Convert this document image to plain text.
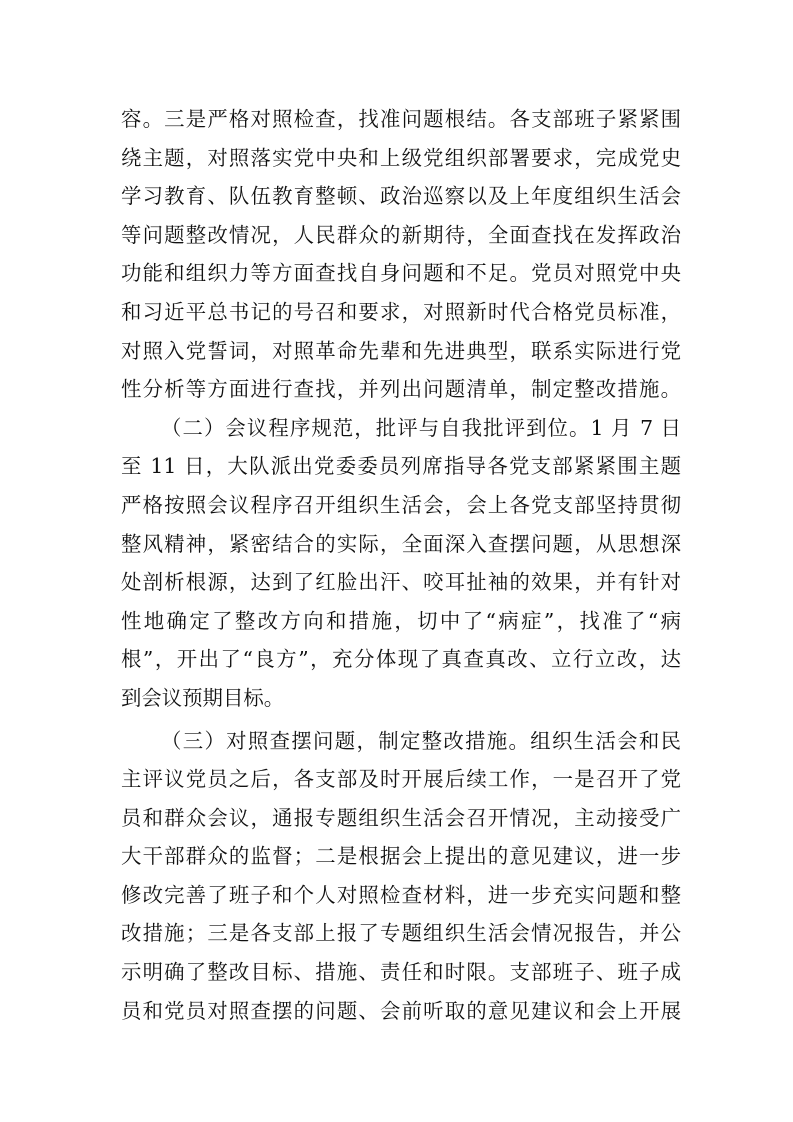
容。三是严格对照检查，找准问题根结。各支部班子紧紧围
绕主题，对照落实党中央和上级党组织部署要求，完成党史
学习教育、队伍教育整顿、政治巡察以及上年度组织生活会
等问题整改情况，人民群众的新期待，全面查找在发挥政治
功能和组织力等方面查找自身问题和不足。党员对照党中央
和习近平总书记的号召和要求，对照新时代合格党员标准，
对照入党誓词，对照革命先辈和先进典型，联系实际进行党
性分析等方面进行查找，并列出问题清单，制定整改措施。

（二）会议程序规范，批评与自我批评到位。1 月 7 日
至 11 日，大队派出党委委员列席指导各党支部紧紧围主题
严格按照会议程序召开组织生活会，会上各党支部坚持贯彻
整风精神，紧密结合的实际，全面深入查摆问题，从思想深
处剖析根源，达到了红脸出汗、咬耳扯袖的效果，并有针对
性地确定了整改方向和措施，切中了“病症”，找准了“病
根”，开出了“良方”，充分体现了真查真改、立行立改，达
到会议预期目标。

（三）对照查摆问题，制定整改措施。组织生活会和民
主评议党员之后，各支部及时开展后续工作，一是召开了党
员和群众会议，通报专题组织生活会召开情况，主动接受广
大干部群众的监督；二是根据会上提出的意见建议，进一步
修改完善了班子和个人对照检查材料，进一步充实问题和整
改措施；三是各支部上报了专题组织生活会情况报告，并公
示明确了整改目标、措施、责任和时限。支部班子、班子成
员和党员对照查摆的问题、会前听取的意见建议和会上开展
